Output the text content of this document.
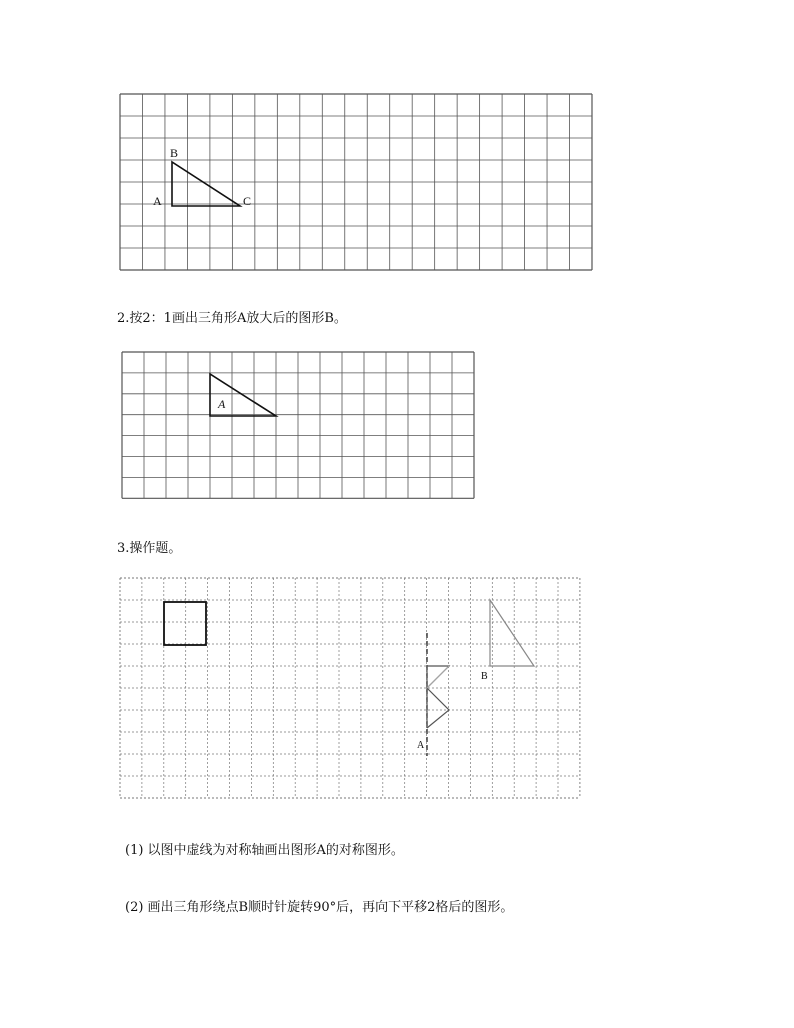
B
A	C
2.按2：1画出三角形A放大后的图形B。
A
3.操作题。
B
A
(1) 以图中虚线为对称轴画出图形A的对称图形。
(2) 画出三角形绕点B顺时针旋转90°后，再向下平移2格后的图形。
